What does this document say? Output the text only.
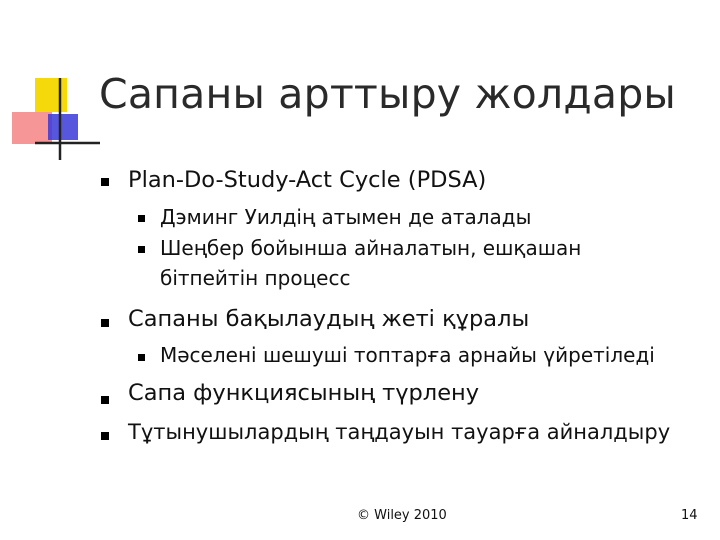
Сапаны арттыру жолдары
Plan-Do-Study-Act Cycle (PDSA)
Дэминг Уилдің атымен де аталады
Шеңбер бойынша айналатын, ешқашан
бітпейтін процесс
Сапаны бақылаудың жеті құралы
Мәселені шешуші топтарға арнайы үйретіледі
Сапа функциясының түрлену
Тұтынушылардың таңдауын тауарға айналдыру
© Wiley 2010	14
